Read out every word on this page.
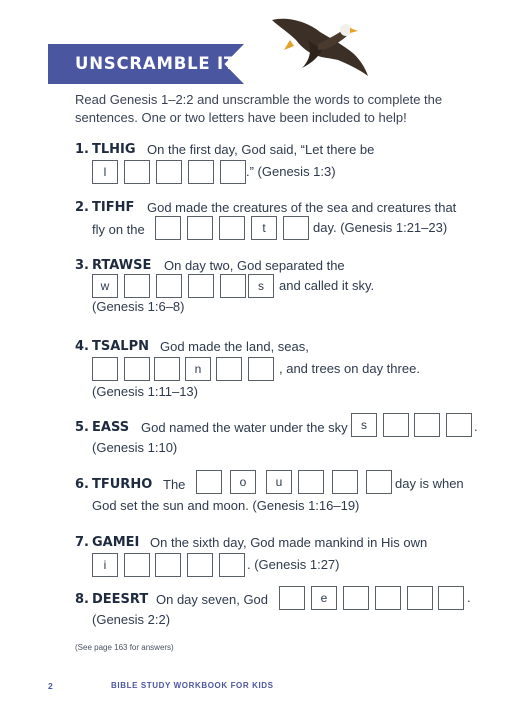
UNSCRAMBLE IT!
Read Genesis 1–2:2 and unscramble the words to complete the
sentences. One or two letters have been included to help!
1. TLHIG On the first day, God said, “Let there be
l	.” (Genesis 1:3)
2. TIFHF God made the creatures of the sea and creatures that
fly on the	t	day. (Genesis 1:21–23)
3. RTAWSE On day two, God separated the
w	s	and called it sky.
(Genesis 1:6–8)
4. TSALPN God made the land, seas,
n	, and trees on day three.
(Genesis 1:11–13)
5. EASS God named the water under the sky	s	.
(Genesis 1:10)
6. TFURHO The	o	u	day is when
God set the sun and moon. (Genesis 1:16–19)
7. GAMEI On the sixth day, God made mankind in His own
i	. (Genesis 1:27)
8. DEESRT On day seven, God	e	.
(Genesis 2:2)
(See page 163 for answers)
2	BIBLE STUDY WORKBOOK FOR KIDS
